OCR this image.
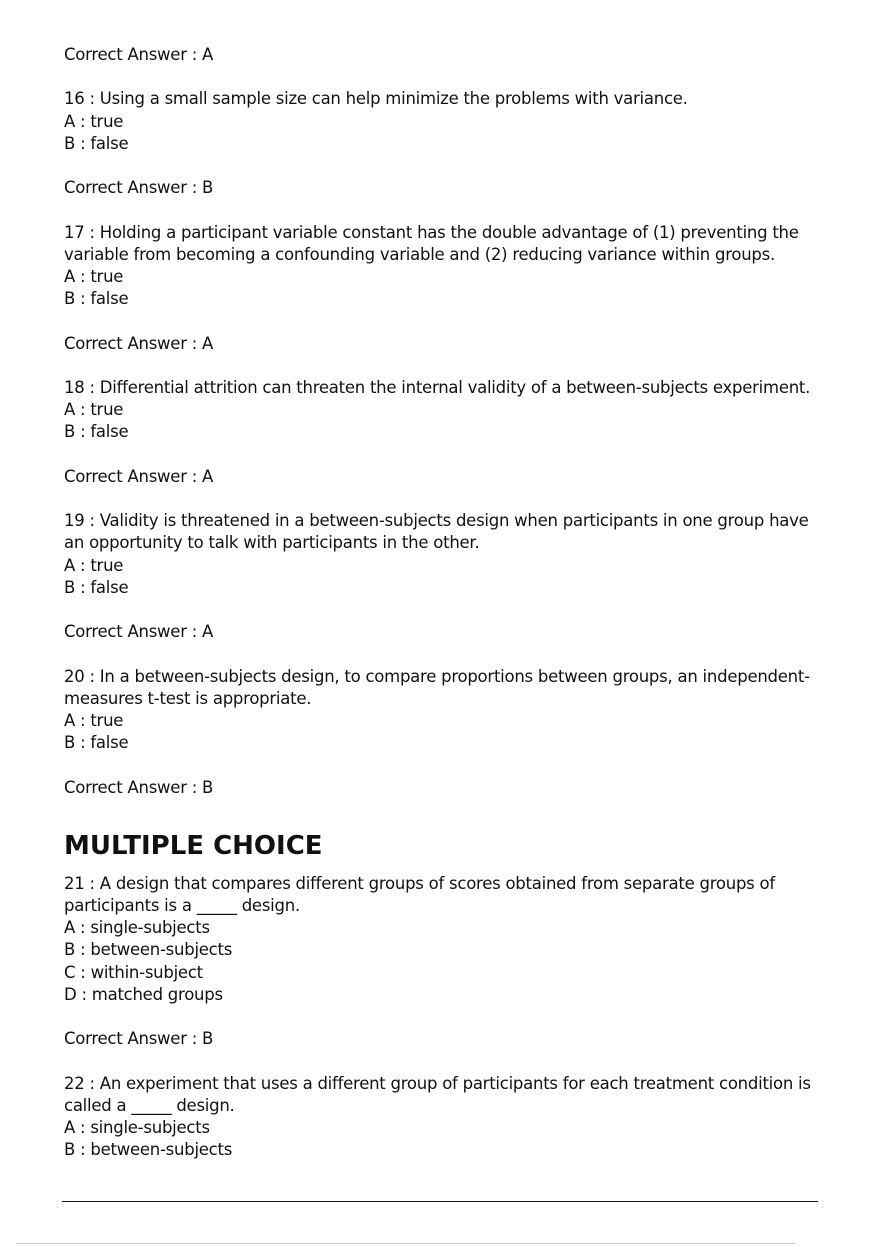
Correct Answer : A
16 : Using a small sample size can help minimize the problems with variance.
A : true
B : false
Correct Answer : B
17 : Holding a participant variable constant has the double advantage of (1) preventing the variable from becoming a confounding variable and (2) reducing variance within groups.
A : true
B : false
Correct Answer : A
18 : Differential attrition can threaten the internal validity of a between-subjects experiment.
A : true
B : false
Correct Answer : A
19 : Validity is threatened in a between-subjects design when participants in one group have an opportunity to talk with participants in the other.
A : true
B : false
Correct Answer : A
20 : In a between-subjects design, to compare proportions between groups, an independent-measures t-test is appropriate.
A : true
B : false
Correct Answer : B
MULTIPLE CHOICE
21 : A design that compares different groups of scores obtained from separate groups of participants is a _____ design.
A : single-subjects
B : between-subjects
C : within-subject
D : matched groups
Correct Answer : B
22 : An experiment that uses a different group of participants for each treatment condition is called a _____ design.
A : single-subjects
B : between-subjects
